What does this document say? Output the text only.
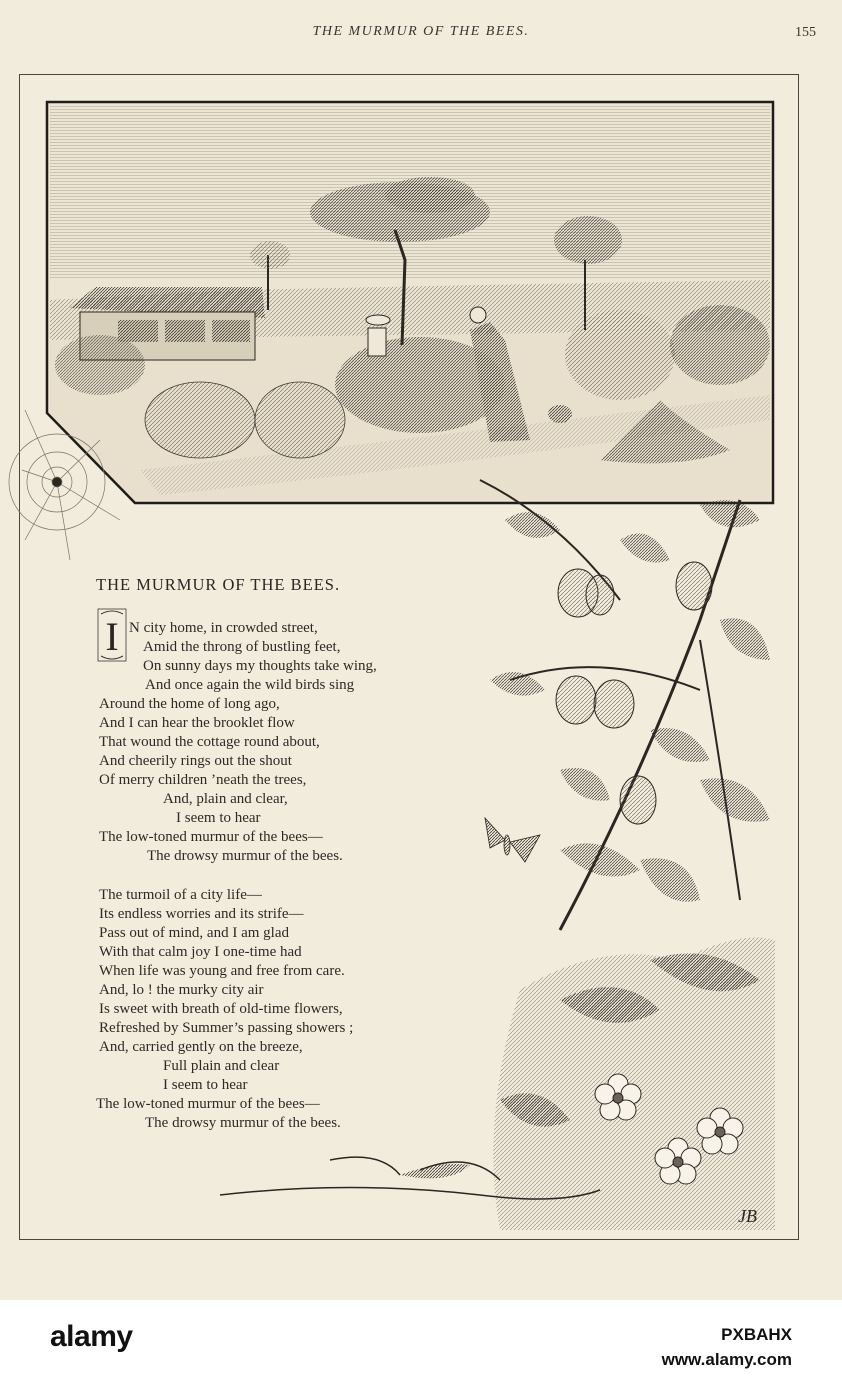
THE MURMUR OF THE BEES.	155
JB
THE MURMUR OF THE BEES.
I N city home, in crowded street,
Amid the throng of bustling feet,
On sunny days my thoughts take wing,
And once again the wild birds sing
Around the home of long ago,
And I can hear the brooklet flow
That wound the cottage round about,
And cheerily rings out the shout
Of merry children ’neath the trees,
And, plain and clear,
I seem to hear
The low-toned murmur of the bees—
The drowsy murmur of the bees.
The turmoil of a city life—
Its endless worries and its strife—
Pass out of mind, and I am glad
With that calm joy I one-time had
When life was young and free from care.
And, lo ! the murky city air
Is sweet with breath of old-time flowers,
Refreshed by Summer’s passing showers ;
And, carried gently on the breeze,
Full plain and clear
I seem to hear
The low-toned murmur of the bees—
The drowsy murmur of the bees.
alamy	PXBAHX
www.alamy.com
